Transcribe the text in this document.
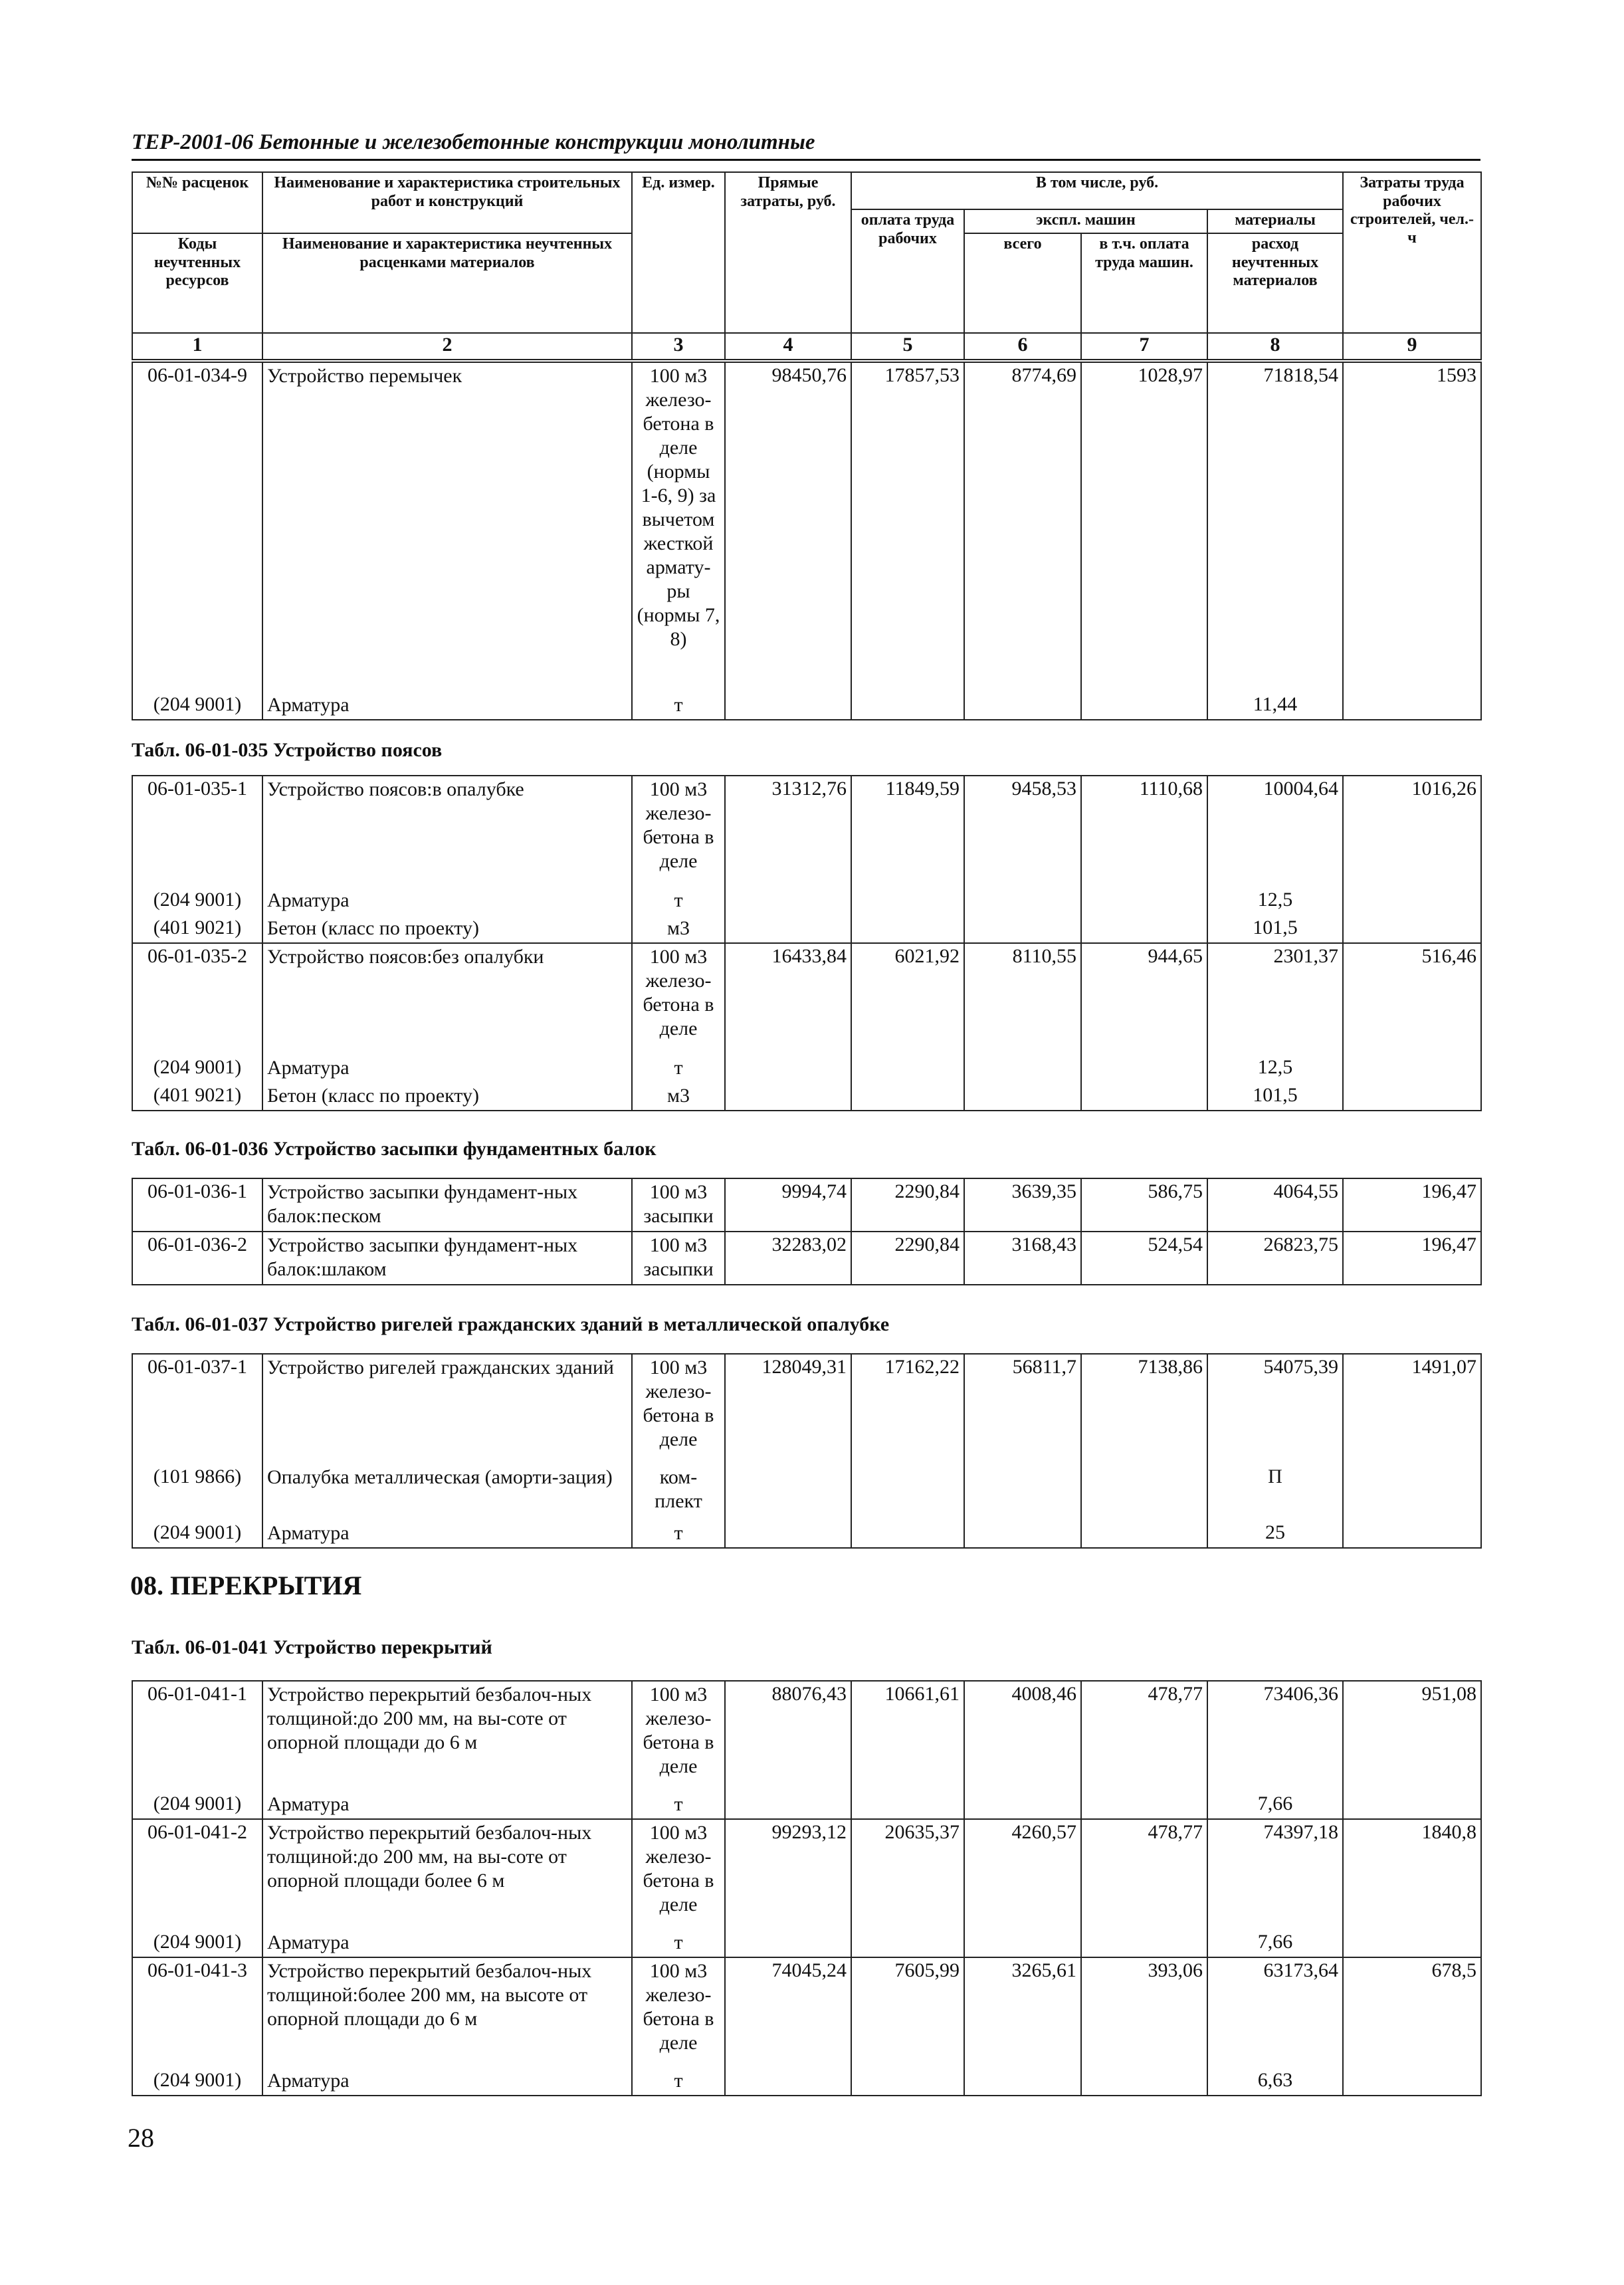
ТЕР-2001-06 Бетонные и железобетонные конструкции монолитные
№№ расценок	Наименование и характеристика строительных работ и конструкций	Ед. измер.	Прямые затраты, руб.	В том числе, руб.				Затраты труда рабочих строителей, чел.-ч
				оплата труда рабочих	экспл. машин		материалы	
Коды неучтенных ресурсов	Наименование и характеристика неучтенных расценками материалов				всего	в т.ч. оплата труда машин.	расход неучтенных материалов	

1	2	3	4	5	6	7	8	9
06-01-034-9	Устройство перемычек	100 м3 железо-бетона в деле (нормы 1-6, 9) за вычетом жесткой армату-ры (нормы 7, 8)	98450,76	17857,53	8774,69	1028,97	71818,54	1593
(204 9001)	Арматура	т					11,44	
Табл. 06-01-035 Устройство поясов
06-01-035-1	Устройство поясов:в опалубке	100 м3 железо-бетона в деле	31312,76	11849,59	9458,53	1110,68	10004,64	1016,26
(204 9001)	Арматура	т					12,5	
(401 9021)	Бетон (класс по проекту)	м3					101,5	
06-01-035-2	Устройство поясов:без опалубки	100 м3 железо-бетона в деле	16433,84	6021,92	8110,55	944,65	2301,37	516,46
(204 9001)	Арматура	т					12,5	
(401 9021)	Бетон (класс по проекту)	м3					101,5	
Табл. 06-01-036 Устройство засыпки фундаментных балок
06-01-036-1	Устройство засыпки фундамент-ных балок:песком	100 м3 засыпки	9994,74	2290,84	3639,35	586,75	4064,55	196,47
06-01-036-2	Устройство засыпки фундамент-ных балок:шлаком	100 м3 засыпки	32283,02	2290,84	3168,43	524,54	26823,75	196,47
Табл. 06-01-037 Устройство ригелей гражданских зданий в металлической опалубке
06-01-037-1	Устройство ригелей гражданских зданий	100 м3 железо-бетона в деле	128049,31	17162,22	56811,7	7138,86	54075,39	1491,07
(101 9866)	Опалубка металлическая (аморти-зация)	ком-плект					П	
(204 9001)	Арматура	т					25	
08. ПЕРЕКРЫТИЯ
Табл. 06-01-041 Устройство перекрытий
06-01-041-1	Устройство перекрытий безбалоч-ных толщиной:до 200 мм, на вы-соте от опорной площади до 6 м	100 м3 железо-бетона в деле	88076,43	10661,61	4008,46	478,77	73406,36	951,08
(204 9001)	Арматура	т					7,66	
06-01-041-2	Устройство перекрытий безбалоч-ных толщиной:до 200 мм, на вы-соте от опорной площади более 6 м	100 м3 железо-бетона в деле	99293,12	20635,37	4260,57	478,77	74397,18	1840,8
(204 9001)	Арматура	т					7,66	
06-01-041-3	Устройство перекрытий безбалоч-ных толщиной:более 200 мм, на высоте от опорной площади до 6 м	100 м3 железо-бетона в деле	74045,24	7605,99	3265,61	393,06	63173,64	678,5
(204 9001)	Арматура	т					6,63	
28
